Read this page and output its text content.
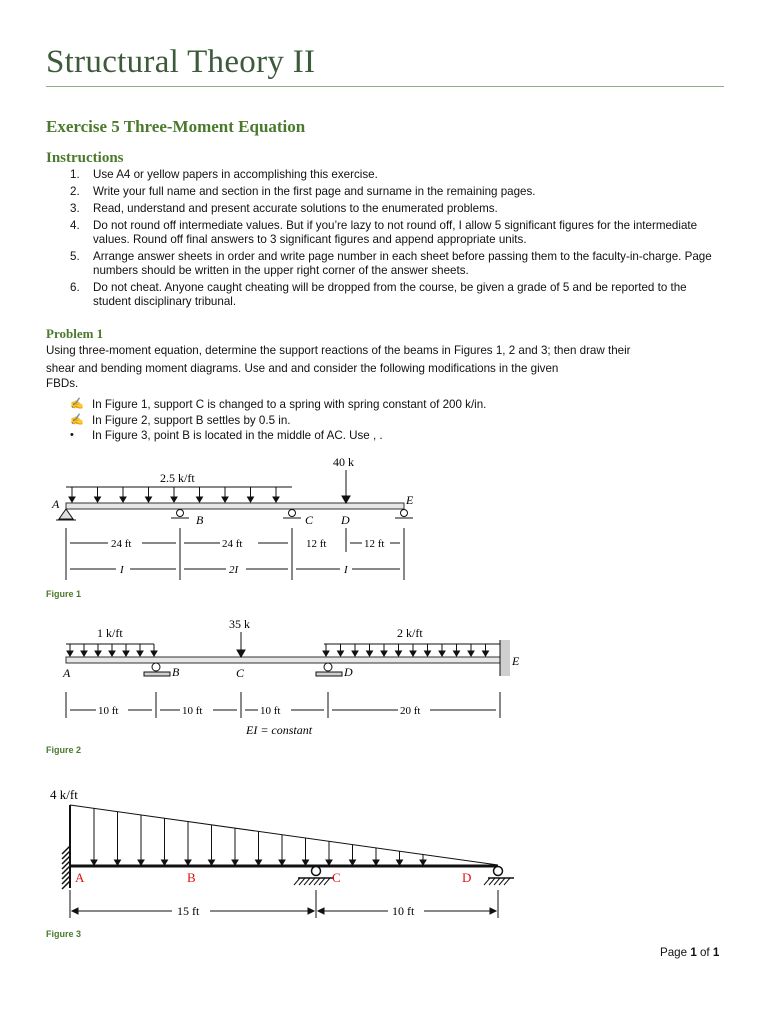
Structural Theory II
Exercise 5 Three-Moment Equation
Instructions
1. Use A4 or yellow papers in accomplishing this exercise.
2. Write your full name and section in the first page and surname in the remaining pages.
3. Read, understand and present accurate solutions to the enumerated problems.
4. Do not round off intermediate values. But if you’re lazy to not round off, I allow 5 significant figures for the intermediate values. Round off final answers to 3 significant figures and append appropriate units.
5. Arrange answer sheets in order and write page number in each sheet before passing them to the faculty-in-charge. Page numbers should be written in the upper right corner of the answer sheets.
6. Do not cheat. Anyone caught cheating will be dropped from the course, be given a grade of 5 and be reported to the student disciplinary tribunal.
Problem 1
Using three-moment equation, determine the support reactions of the beams in Figures 1, 2 and 3; then draw their
shear and bending moment diagrams. Use and and consider the following modifications in the given
FBDs.
✍ In Figure 1, support C is changed to a spring with spring constant of 200 k/in.
✍ In Figure 2, support B settles by 0.5 in.
• In Figure 3, point B is located in the middle of AC. Use , .
2.5 k/ft
40 k
A
B	C D
E
24 ft	24 ft	12 ft	12 ft
I	2I	I
Figure 1
1 k/ft
35 k
2 k/ft
A	B	C	D
E
10 ft	10 ft	10 ft	20 ft
EI = constant
Figure 2
4 k/ft
A	B	C	D
15 ft	10 ft
Figure 3
Page 1 of 1
